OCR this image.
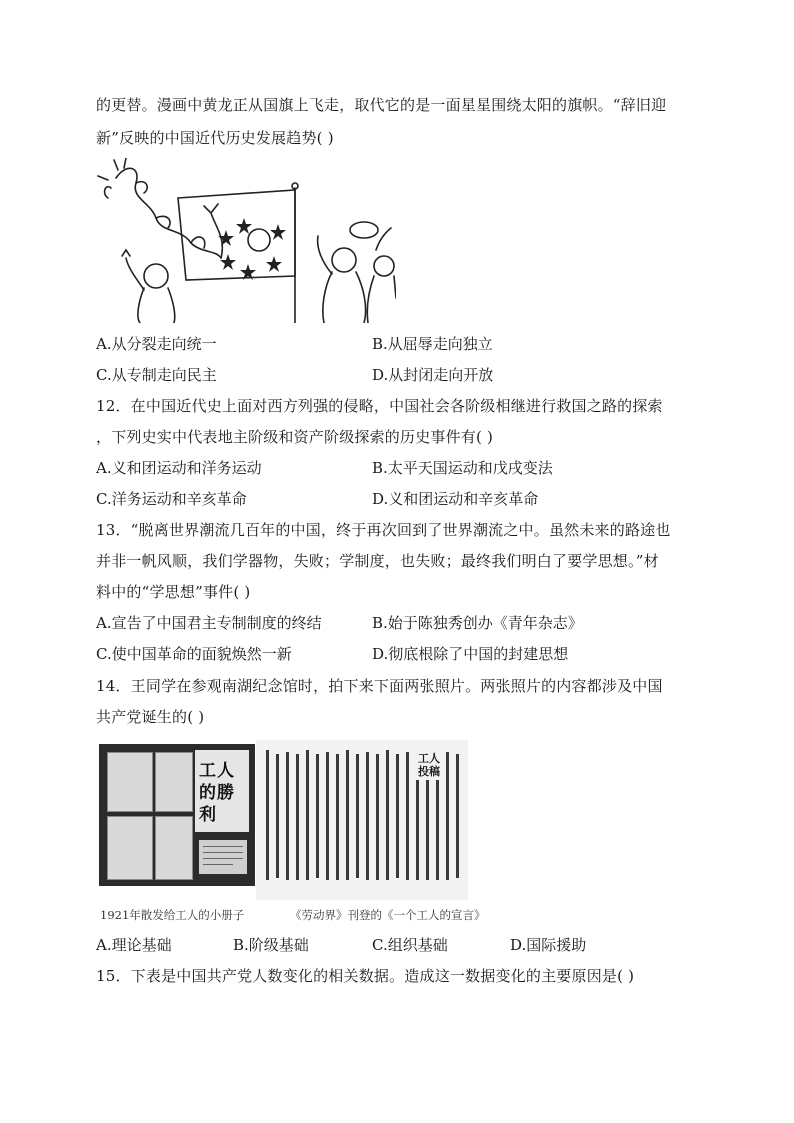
的更替。漫画中黄龙正从国旗上飞走，取代它的是一面星星围绕太阳的旗帜。“辞旧迎
新”反映的中国近代历史发展趋势( )
A.从分裂走向统一	B.从屈辱走向独立
C.从专制走向民主	D.从封闭走向开放
12．在中国近代史上面对西方列强的侵略，中国社会各阶级相继进行救国之路的探索
，下列史实中代表地主阶级和资产阶级探索的历史事件有( )
A.义和团运动和洋务运动	B.太平天国运动和戊戌变法
C.洋务运动和辛亥革命	D.义和团运动和辛亥革命
13．“脱离世界潮流几百年的中国，终于再次回到了世界潮流之中。虽然未来的路途也
并非一帆风顺，我们学器物，失败；学制度，也失败；最终我们明白了要学思想。”材
料中的“学思想”事件( )
A.宣告了中国君主专制制度的终结	B.始于陈独秀创办《青年杂志》
C.使中国革命的面貌焕然一新	D.彻底根除了中国的封建思想
14．王同学在参观南湖纪念馆时，拍下来下面两张照片。两张照片的内容都涉及中国
共产党诞生的( )
工人的勝利
工人投稿
1921年散发给工人的小册子	《劳动界》刊登的《一个工人的宣言》
A.理论基础	B.阶级基础	C.组织基础	D.国际援助
15．下表是中国共产党人数变化的相关数据。造成这一数据变化的主要原因是( )
